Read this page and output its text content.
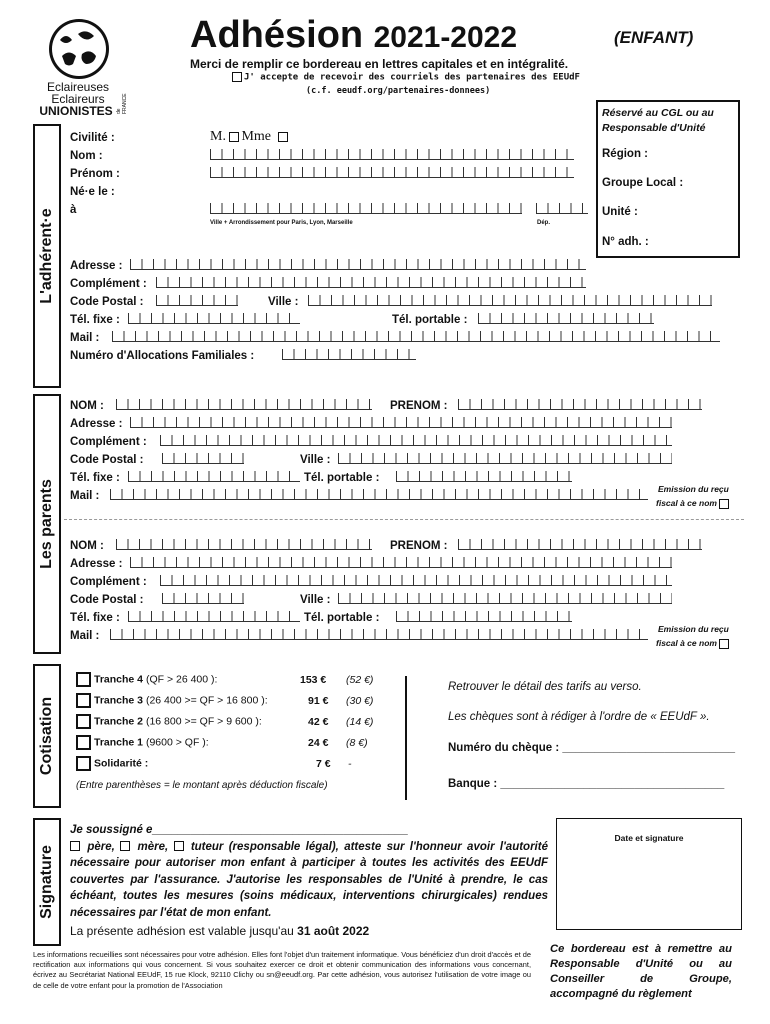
Eclaireuses
Eclaireurs
UNIONISTES de FRANCE
Adhésion 2021-2022	(ENFANT)
Merci de remplir ce bordereau en lettres capitales et en intégralité.
J' accepte de recevoir des courriels des partenaires des EEUdF
(c.f. eeudf.org/partenaires-donnees)
Réservé au CGL ou au Responsable d'Unité
Région :
Groupe Local :
Unité :
N° adh. :
L'adhérent·e
Civilité :	M. Mme
Nom :
Prénom :
Né·e le :
à
Ville + Arrondissement pour Paris, Lyon, Marseille	Dép.
Adresse :
Complément :
Code Postal :	Ville :
Tél. fixe :	Tél. portable :
Mail :
Numéro d'Allocations Familiales :
Les parents
NOM :	PRENOM :
Adresse :
Complément :
Code Postal :	Ville :
Tél. fixe :	Tél. portable :
Mail :
Emission du reçu
fiscal à ce nom
NOM :	PRENOM :
Adresse :
Complément :
Code Postal :	Ville :
Tél. fixe :	Tél. portable :
Mail :
Emission du reçu
fiscal à ce nom
Cotisation
Tranche 4 (QF > 26 400 ):	153 € (52 €)
Tranche 3 (26 400 >= QF > 16 800 ):	91 € (30 €)
Tranche 2 (16 800 >= QF > 9 600 ):	42 € (14 €)
Tranche 1 (9600 > QF ):	24 € (8 €)
Solidarité :	7 € -
(Entre parenthèses = le montant après déduction fiscale)
Retrouver le détail des tarifs au verso.
Les chèques sont à rédiger à l'ordre de « EEUdF ».
Numéro du chèque : ___________________________
Banque : ___________________________________
Signature
Je soussigné e________________________________________
père, mère, tuteur (responsable légal), atteste sur l'honneur avoir l'autorité nécessaire pour autoriser mon enfant à participer à toutes les activités des EEUdF couvertes par l'assurance. J'autorise les responsables de l'Unité à prendre, le cas échéant, toutes les mesures (soins médicaux, interventions chirurgicales) rendues nécessaires par l'état de mon enfant.
La présente adhésion est valable jusqu'au 31 août 2022
Date et signature
Les informations recueillies sont nécessaires pour votre adhésion. Elles font l'objet d'un traitement informatique. Vous bénéficiez d'un droit d'accès et de rectification aux informations qui vous concernent. Si vous souhaitez exercer ce droit et obtenir communication des informations vous concernant, écrivez au Secrétariat National EEUdF, 15 rue Klock, 92110 Clichy ou sn@eeudf.org. Par cette adhésion, vous autorisez l'utilisation de votre image ou de celle de votre enfant pour la promotion de l'Association
Ce bordereau est à remettre au Responsable d'Unité ou au Conseiller de Groupe, accompagné du règlement
